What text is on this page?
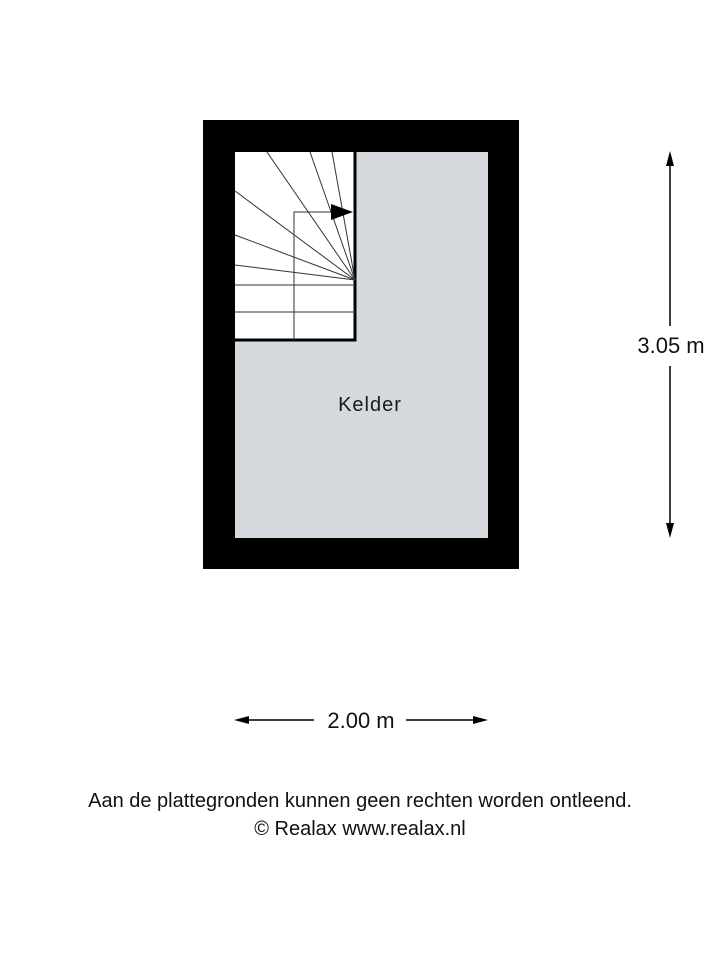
Kelder
3.05 m
2.00 m
Aan de plattegronden kunnen geen rechten worden ontleend.
© Realax www.realax.nl
